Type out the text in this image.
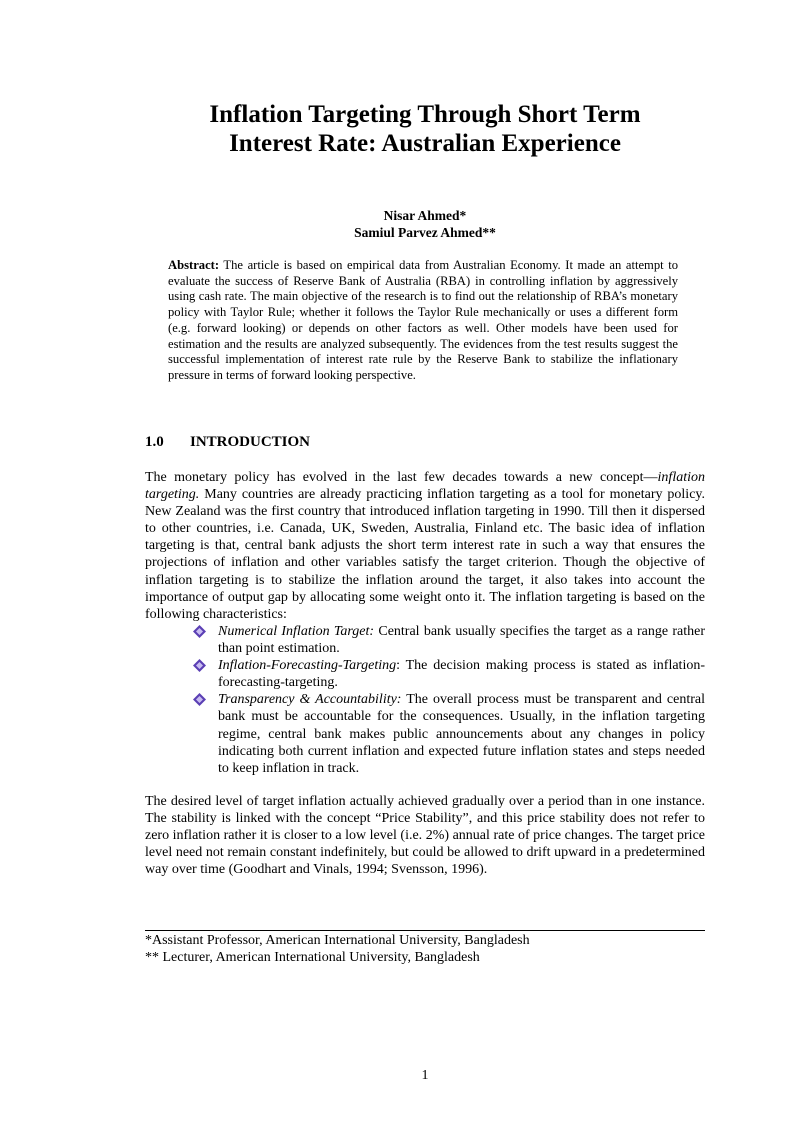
Inflation Targeting Through Short Term
Interest Rate: Australian Experience
Nisar Ahmed*
Samiul Parvez Ahmed**
Abstract: The article is based on empirical data from Australian Economy. It made an attempt to evaluate the success of Reserve Bank of Australia (RBA) in controlling inflation by aggressively using cash rate. The main objective of the research is to find out the relationship of RBA’s monetary policy with Taylor Rule; whether it follows the Taylor Rule mechanically or uses a different form (e.g. forward looking) or depends on other factors as well. Other models have been used for estimation and the results are analyzed subsequently. The evidences from the test results suggest the successful implementation of interest rate rule by the Reserve Bank to stabilize the inflationary pressure in terms of forward looking perspective.
1.0 INTRODUCTION
The monetary policy has evolved in the last few decades towards a new concept—inflation targeting. Many countries are already practicing inflation targeting as a tool for monetary policy. New Zealand was the first country that introduced inflation targeting in 1990. Till then it dispersed to other countries, i.e. Canada, UK, Sweden, Australia, Finland etc. The basic idea of inflation targeting is that, central bank adjusts the short term interest rate in such a way that ensures the projections of inflation and other variables satisfy the target criterion. Though the objective of inflation targeting is to stabilize the inflation around the target, it also takes into account the importance of output gap by allocating some weight onto it. The inflation targeting is based on the following characteristics:
Numerical Inflation Target: Central bank usually specifies the target as a range rather than point estimation.
Inflation-Forecasting-Targeting: The decision making process is stated as inflation-forecasting-targeting.
Transparency & Accountability: The overall process must be transparent and central bank must be accountable for the consequences. Usually, in the inflation targeting regime, central bank makes public announcements about any changes in policy indicating both current inflation and expected future inflation states and steps needed to keep inflation in track.
The desired level of target inflation actually achieved gradually over a period than in one instance. The stability is linked with the concept “Price Stability”, and this price stability does not refer to zero inflation rather it is closer to a low level (i.e. 2%) annual rate of price changes. The target price level need not remain constant indefinitely, but could be allowed to drift upward in a predetermined way over time (Goodhart and Vinals, 1994; Svensson, 1996).
*Assistant Professor, American International University, Bangladesh
** Lecturer, American International University, Bangladesh
1
